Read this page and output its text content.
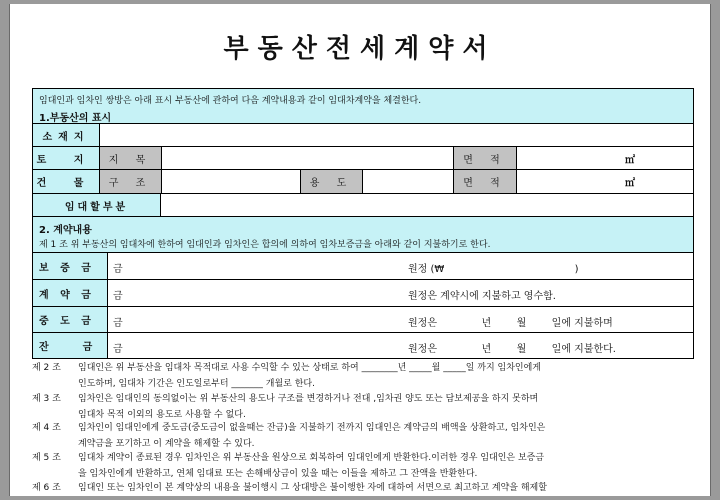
부동산전세계약서
임대인과 임차인 쌍방은 아래 표시 부동산에 관하여 다음 계약내용과 같이 임대차계약을 체결한다.
1.부동산의 표시
소재지
토 지	지 목	면 적	㎡
건 물	구 조	용 도	면 적	㎡
임대할부분
2. 계약내용
제 1 조 위 부동산의 임대차에 한하여 임대인과 임차인은 합의에 의하여 임차보증금을 아래와 같이 지불하기로 한다.
보 증 금	금	원정 (₩                                         )
계 약 금	금	원정은 계약시에 지불하고 영수함.
중 도 금	금	원정은              년        월        일에 지불하며
잔    금	금	원정은              년        월        일에 지불한다.
제 2 조 임대인은 위 부동산을 임대차 목적대로 사용 수익할 수 있는 상태로 하여 ________년 _____월 _____일 까지 임차인에게
인도하며, 임대차 기간은 인도일로부터 _______ 개월로 한다.
제 3 조 임차인은 임대인의 동의없이는 위 부동산의 용도나 구조를 변경하거나 전대 ,임차권 양도 또는 담보제공을 하지 못하며
임대차 목적 이외의 용도로 사용할 수 없다.
제 4 조 임차인이 임대인에게 중도금(중도금이 없을때는 잔금)을 지불하기 전까지 임대인은 계약금의 배액을 상환하고, 임차인은
계약금을 포기하고 이 계약을 해제할 수 있다.
제 5 조 임대차 계약이 종료된 경우 임차인은 위 부동산을 원상으로 회복하여 임대인에게 반환한다.이러한 경우 임대인은 보증금
을 임차인에게 반환하고, 연체 임대료 또는 손해배상금이 있을 때는 이들을 제하고 그 잔액을 반환한다.
제 6 조 임대인 또는 임차인이 본 계약상의 내용을 불이행시 그 상대방은 불이행한 자에 대하여 서면으로 최고하고 계약을 해제할
